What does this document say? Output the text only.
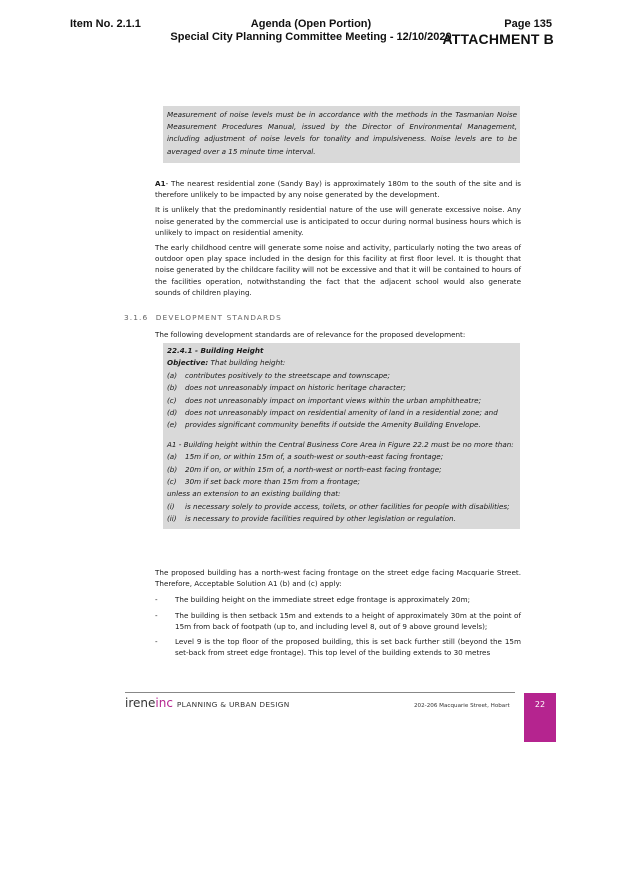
Item No. 2.1.1	Agenda (Open Portion)
Special City Planning Committee Meeting - 12/10/2020
Page 135
ATTACHMENT B

Measurement of noise levels must be in accordance with the methods in the Tasmanian Noise Measurement Procedures Manual, issued by the Director of Environmental Management, including adjustment of noise levels for tonality and impulsiveness. Noise levels are to be averaged over a 15 minute time interval.

A1- The nearest residential zone (Sandy Bay) is approximately 180m to the south of the site and is therefore unlikely to be impacted by any noise generated by the development.

It is unlikely that the predominantly residential nature of the use will generate excessive noise. Any noise generated by the commercial use is anticipated to occur during normal business hours which is unlikely to impact on residential amenity.

The early childhood centre will generate some noise and activity, particularly noting the two areas of outdoor open play space included in the design for this facility at first floor level. It is thought that noise generated by the childcare facility will not be excessive and that it will be contained to hours of the facilities operation, notwithstanding the fact that the adjacent school would also generate sounds of children playing.

3.1.6 DEVELOPMENT STANDARDS
The following development standards are of relevance for the proposed development:

22.4.1 - Building Height

Objective: That building height:

(a)	contributes positively to the streetscape and townscape;
(b)	does not unreasonably impact on historic heritage character;
(c)	does not unreasonably impact on important views within the urban amphitheatre;
(d)	does not unreasonably impact on residential amenity of land in a residential zone; and
(e)	provides significant community benefits if outside the Amenity Building Envelope.

A1 - Building height within the Central Business Core Area in Figure 22.2 must be no more than:

(a)	15m if on, or within 15m of, a south-west or south-east facing frontage;
(b)	20m if on, or within 15m of, a north-west or north-east facing frontage;
(c)	30m if set back more than 15m from a frontage;

unless an extension to an existing building that:

(i)	is necessary solely to provide access, toilets, or other facilities for people with disabilities;
(ii)	is necessary to provide facilities required by other legislation or regulation.

The proposed building has a north-west facing frontage on the street edge facing Macquarie Street. Therefore, Acceptable Solution A1 (b) and (c) apply:

-	The building height on the immediate street edge frontage is approximately 20m;
-	The building is then setback 15m and extends to a height of approximately 30m at the point of 15m from back of footpath (up to, and including level 8, out of 9 above ground levels);
-	Level 9 is the top floor of the proposed building, this is set back further still (beyond the 15m set-back from street edge frontage). This top level of the building extends to 30 metres
ireneinc PLANNING & URBAN DESIGN	202-206 Macquarie Street, Hobart	22
